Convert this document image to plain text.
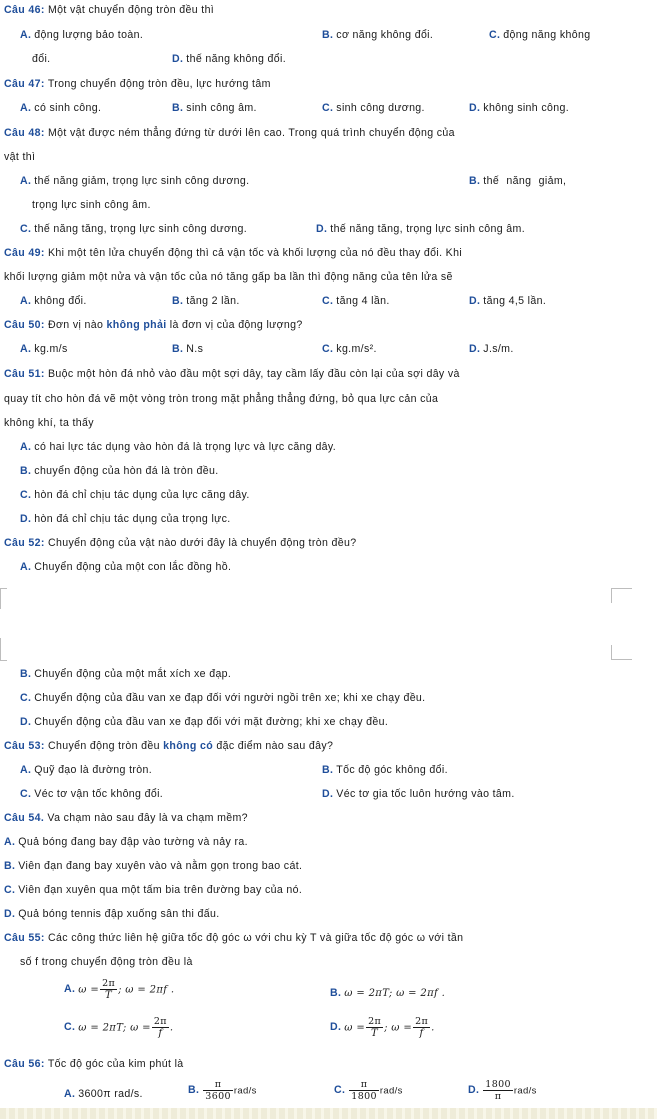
Câu 46: Một vật chuyển động tròn đều thì
A. động lượng bảo toàn.	B. cơ năng không đổi.	C. động năng không
đổi.	D. thế năng không đổi.
Câu 47: Trong chuyển động tròn đều, lực hướng tâm
A. có sinh công.	B. sinh công âm.	C. sinh công dương.	D. không sinh công.
Câu 48: Một vật được ném thẳng đứng từ dưới lên cao. Trong quá trình chuyển động của
vật thì
A. thế năng giảm, trọng lực sinh công dương.	B. thế năng giảm,
trọng lực sinh công âm.
C. thế năng tăng, trọng lực sinh công dương.	D. thế năng tăng, trọng lực sinh công âm.
Câu 49: Khi một tên lửa chuyển động thì cả vận tốc và khối lượng của nó đều thay đổi. Khi
khối lượng giảm một nửa và vận tốc của nó tăng gấp ba lần thì động năng của tên lửa sẽ
A. không đổi.	B. tăng 2 lần.	C. tăng 4 lần.	D. tăng 4,5 lần.
Câu 50: Đơn vị nào không phải là đơn vị của động lượng?
A. kg.m/s	B. N.s	C. kg.m/s².	D. J.s/m.
Câu 51: Buộc một hòn đá nhỏ vào đầu một sợi dây, tay cầm lấy đầu còn lại của sợi dây và
quay tít cho hòn đá vẽ một vòng tròn trong mặt phẳng thẳng đứng, bỏ qua lực cản của
không khí, ta thấy
A. có hai lực tác dụng vào hòn đá là trọng lực và lực căng dây.
B. chuyển động của hòn đá là tròn đều.
C. hòn đá chỉ chịu tác dụng của lực căng dây.
D. hòn đá chỉ chịu tác dụng của trọng lực.
Câu 52: Chuyển động của vật nào dưới đây là chuyển động tròn đều?
A. Chuyển động của một con lắc đồng hồ.
B. Chuyển động của một mắt xích xe đạp.
C. Chuyển động của đầu van xe đạp đối với người ngồi trên xe; khi xe chạy đều.
D. Chuyển động của đầu van xe đạp đối với mặt đường; khi xe chạy đều.
Câu 53: Chuyển động tròn đều không có đặc điểm nào sau đây?
A. Quỹ đạo là đường tròn.	B. Tốc độ góc không đổi.
C. Véc tơ vận tốc không đổi.	D. Véc tơ gia tốc luôn hướng vào tâm.
Câu 54. Va chạm nào sau đây là va chạm mềm?
A. Quả bóng đang bay đập vào tường và nảy ra.
B. Viên đạn đang bay xuyên vào và nằm gọn trong bao cát.
C. Viên đạn xuyên qua một tấm bia trên đường bay của nó.
D. Quả bóng tennis đập xuống sân thi đấu.
Câu 55: Các công thức liên hệ giữa tốc độ góc ω với chu kỳ T và giữa tốc độ góc ω với tần
số f trong chuyển động tròn đều là
A. $\omega = \frac{2\pi}{T}$ ; ω = 2πf .	B. ω = 2πT; ω = 2πf .
C. ω = 2πT; $\omega = \frac{2\pi}{f}$ .	D. $\omega = \frac{2\pi}{T}$ ; $\omega = \frac{2\pi}{f}$ .
Câu 56: Tốc độ góc của kim phút là
A. 3600π rad/s.	B. $\frac{\pi}{3600} rad/s$	C. $\frac{\pi}{1800} rad/s$	D. $\frac{1800}{\pi} rad/s$
